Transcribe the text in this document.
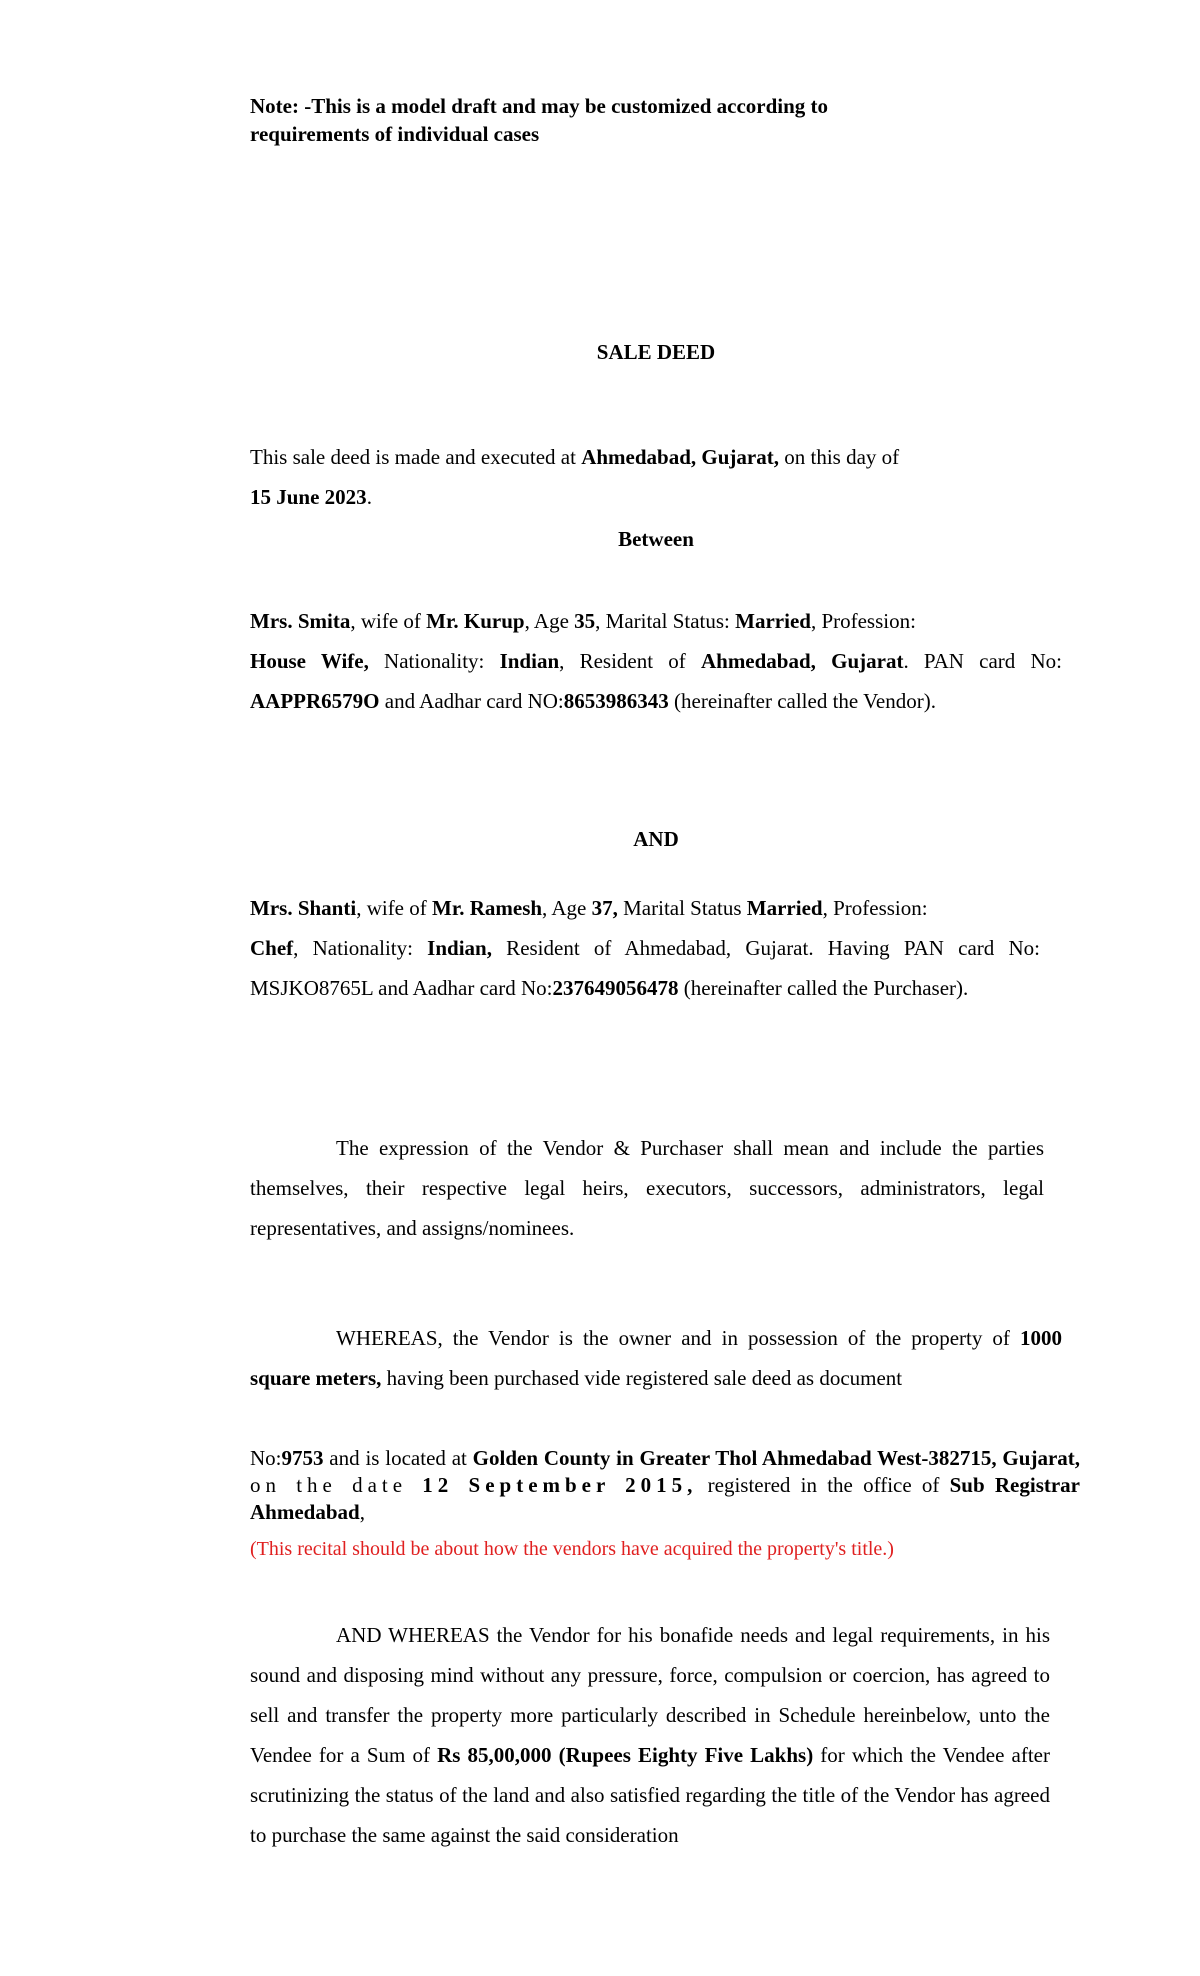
Note: -This is a model draft and may be customized according to
requirements of individual cases
SALE DEED
This sale deed is made and executed at Ahmedabad, Gujarat, on this day of
15 June 2023.
Between
Mrs. Smita, wife of Mr. Kurup, Age 35, Marital Status: Married, Profession:
House Wife, Nationality: Indian, Resident of Ahmedabad, Gujarat. PAN card No: AAPPR6579O and Aadhar card NO:8653986343 (hereinafter called the Vendor).
AND
Mrs. Shanti, wife of Mr. Ramesh, Age 37, Marital Status Married, Profession:
Chef, Nationality: Indian, Resident of Ahmedabad, Gujarat. Having PAN card No: MSJKO8765L and Aadhar card No:237649056478 (hereinafter called the Purchaser).
The expression of the Vendor & Purchaser shall mean and include the parties themselves, their respective legal heirs, executors, successors, administrators, legal representatives, and assigns/nominees.
WHEREAS, the Vendor is the owner and in possession of the property of 1000 square meters, having been purchased vide registered sale deed as document
No:9753 and is located at Golden County in Greater Thol Ahmedabad West-382715, Gujarat, on the date 12 September 2015, registered in the office of Sub Registrar Ahmedabad,
(This recital should be about how the vendors have acquired the property's title.)
AND WHEREAS the Vendor for his bonafide needs and legal requirements, in his sound and disposing mind without any pressure, force, compulsion or coercion, has agreed to sell and transfer the property more particularly described in Schedule hereinbelow, unto the Vendee for a Sum of Rs 85,00,000 (Rupees Eighty Five Lakhs) for which the Vendee after scrutinizing the status of the land and also satisfied regarding the title of the Vendor has agreed to purchase the same against the said consideration
